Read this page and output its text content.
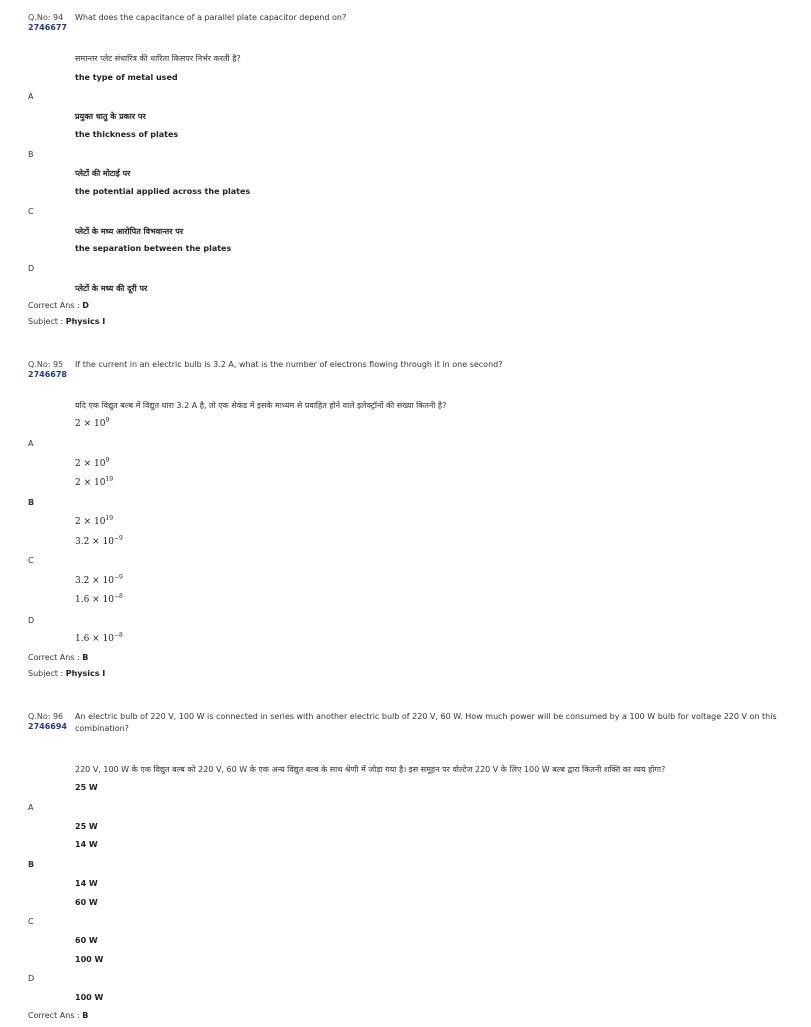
Q.No: 94 What does the capacitance of a parallel plate capacitor depend on?
2746677
समान्तर प्लेट संधारित्र की धारिता किसपर निर्भर करती है?
the type of metal used
A
प्रयुक्त धातु के प्रकार पर
the thickness of plates
B
प्लेटों की मोटाई पर
the potential applied across the plates
C
प्लेटों के मध्य आरोपित विभवान्तर पर
the separation between the plates
D
प्लेटों के मध्य की दूरी पर
Correct Ans : D
Subject : Physics I
Q.No: 95 If the current in an electric bulb is 3.2 A, what is the number of electrons flowing through it in one second?
2746678
यदि एक विद्युत बल्ब में विद्युत धारा 3.2 A है, तो एक सेकंड में इसके माध्यम से प्रवाहित होने वाले इलेक्ट्रॉनों की संख्या कितनी है?
$2 \times 10^9$
A
$2 \times 10^9$
$2 \times 10^{19}$
B
$2 \times 10^{19}$
$3.2 \times 10^{-9}$
C
$3.2 \times 10^{-9}$
$1.6 \times 10^{-8}$
D
$1.6 \times 10^{-8}$
Correct Ans : B
Subject : Physics I
Q.No: 96 An electric bulb of 220 V, 100 W is connected in series with another electric bulb of 220 V, 60 W. How much power will be consumed by a 100 W bulb for voltage 220 V on this
combination?
2746694
220 V, 100 W के एक विद्युत बल्ब को 220 V, 60 W के एक अन्य विद्युत बल्ब के साथ श्रेणी में जोड़ा गया है। इस समूहन पर वोल्टेज 220 V के लिए 100 W बल्ब द्वारा कितनी शक्ति का व्यय होगा?
25 W
A
25 W
14 W
B
14 W
60 W
C
60 W
100 W
D
100 W
Correct Ans : B
